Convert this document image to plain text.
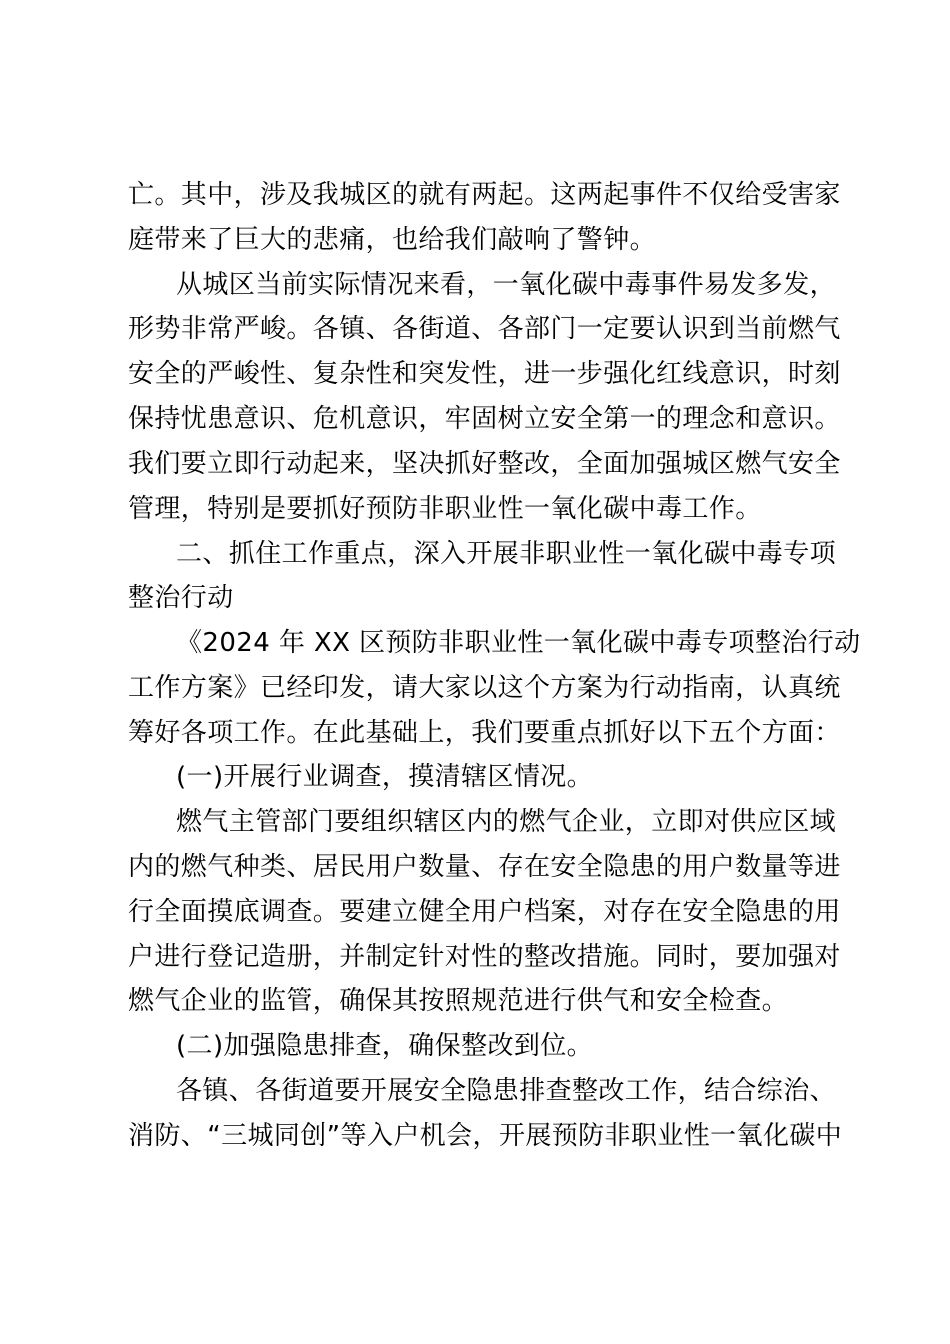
亡。其中，涉及我城区的就有两起。这两起事件不仅给受害家
庭带来了巨大的悲痛，也给我们敲响了警钟。
从城区当前实际情况来看，一氧化碳中毒事件易发多发，
形势非常严峻。各镇、各街道、各部门一定要认识到当前燃气
安全的严峻性、复杂性和突发性，进一步强化红线意识，时刻
保持忧患意识、危机意识，牢固树立安全第一的理念和意识。
我们要立即行动起来，坚决抓好整改，全面加强城区燃气安全
管理，特别是要抓好预防非职业性一氧化碳中毒工作。
二、抓住工作重点，深入开展非职业性一氧化碳中毒专项
整治行动
《2024 年 XX 区预防非职业性一氧化碳中毒专项整治行动
工作方案》已经印发，请大家以这个方案为行动指南，认真统
筹好各项工作。在此基础上，我们要重点抓好以下五个方面：
(一)开展行业调查，摸清辖区情况。
燃气主管部门要组织辖区内的燃气企业，立即对供应区域
内的燃气种类、居民用户数量、存在安全隐患的用户数量等进
行全面摸底调查。要建立健全用户档案，对存在安全隐患的用
户进行登记造册，并制定针对性的整改措施。同时，要加强对
燃气企业的监管，确保其按照规范进行供气和安全检查。
(二)加强隐患排查，确保整改到位。
各镇、各街道要开展安全隐患排查整改工作，结合综治、
消防、“三城同创”等入户机会，开展预防非职业性一氧化碳中
